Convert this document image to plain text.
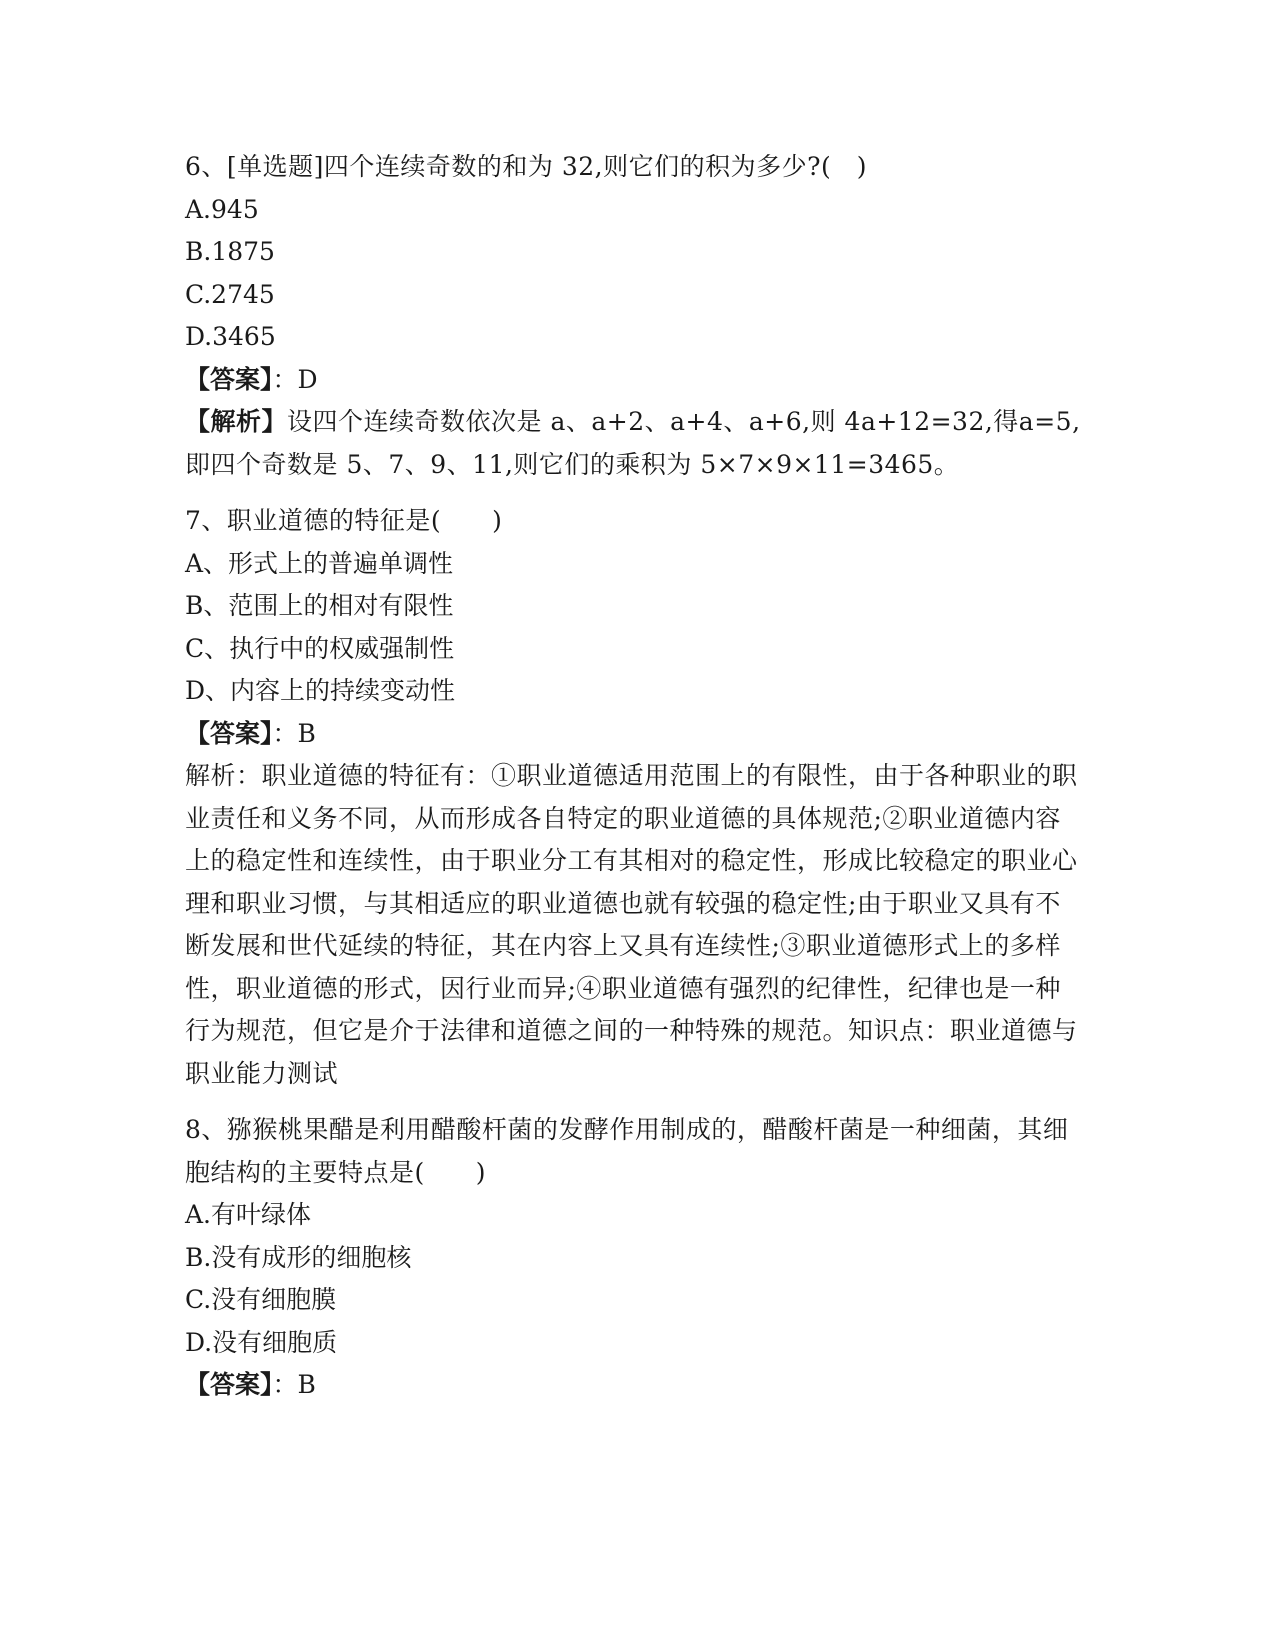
6、[单选题]四个连续奇数的和为 32,则它们的积为多少?(　)
A.945
B.1875
C.2745
D.3465
【答案】：D
【解析】设四个连续奇数依次是 a、a+2、a+4、a+6,则 4a+12=32,得a=5,即四个奇数是 5、7、9、11,则它们的乘积为 5×7×9×11=3465。
7、职业道德的特征是(　　)
A、形式上的普遍单调性
B、范围上的相对有限性
C、执行中的权威强制性
D、内容上的持续变动性
【答案】：B
解析：职业道德的特征有：①职业道德适用范围上的有限性，由于各种职业的职业责任和义务不同，从而形成各自特定的职业道德的具体规范;②职业道德内容上的稳定性和连续性，由于职业分工有其相对的稳定性，形成比较稳定的职业心理和职业习惯，与其相适应的职业道德也就有较强的稳定性;由于职业又具有不断发展和世代延续的特征，其在内容上又具有连续性;③职业道德形式上的多样性，职业道德的形式，因行业而异;④职业道德有强烈的纪律性，纪律也是一种行为规范，但它是介于法律和道德之间的一种特殊的规范。知识点：职业道德与职业能力测试
8、猕猴桃果醋是利用醋酸杆菌的发酵作用制成的，醋酸杆菌是一种细菌，其细胞结构的主要特点是(　　)
A.有叶绿体
B.没有成形的细胞核
C.没有细胞膜
D.没有细胞质
【答案】：B
